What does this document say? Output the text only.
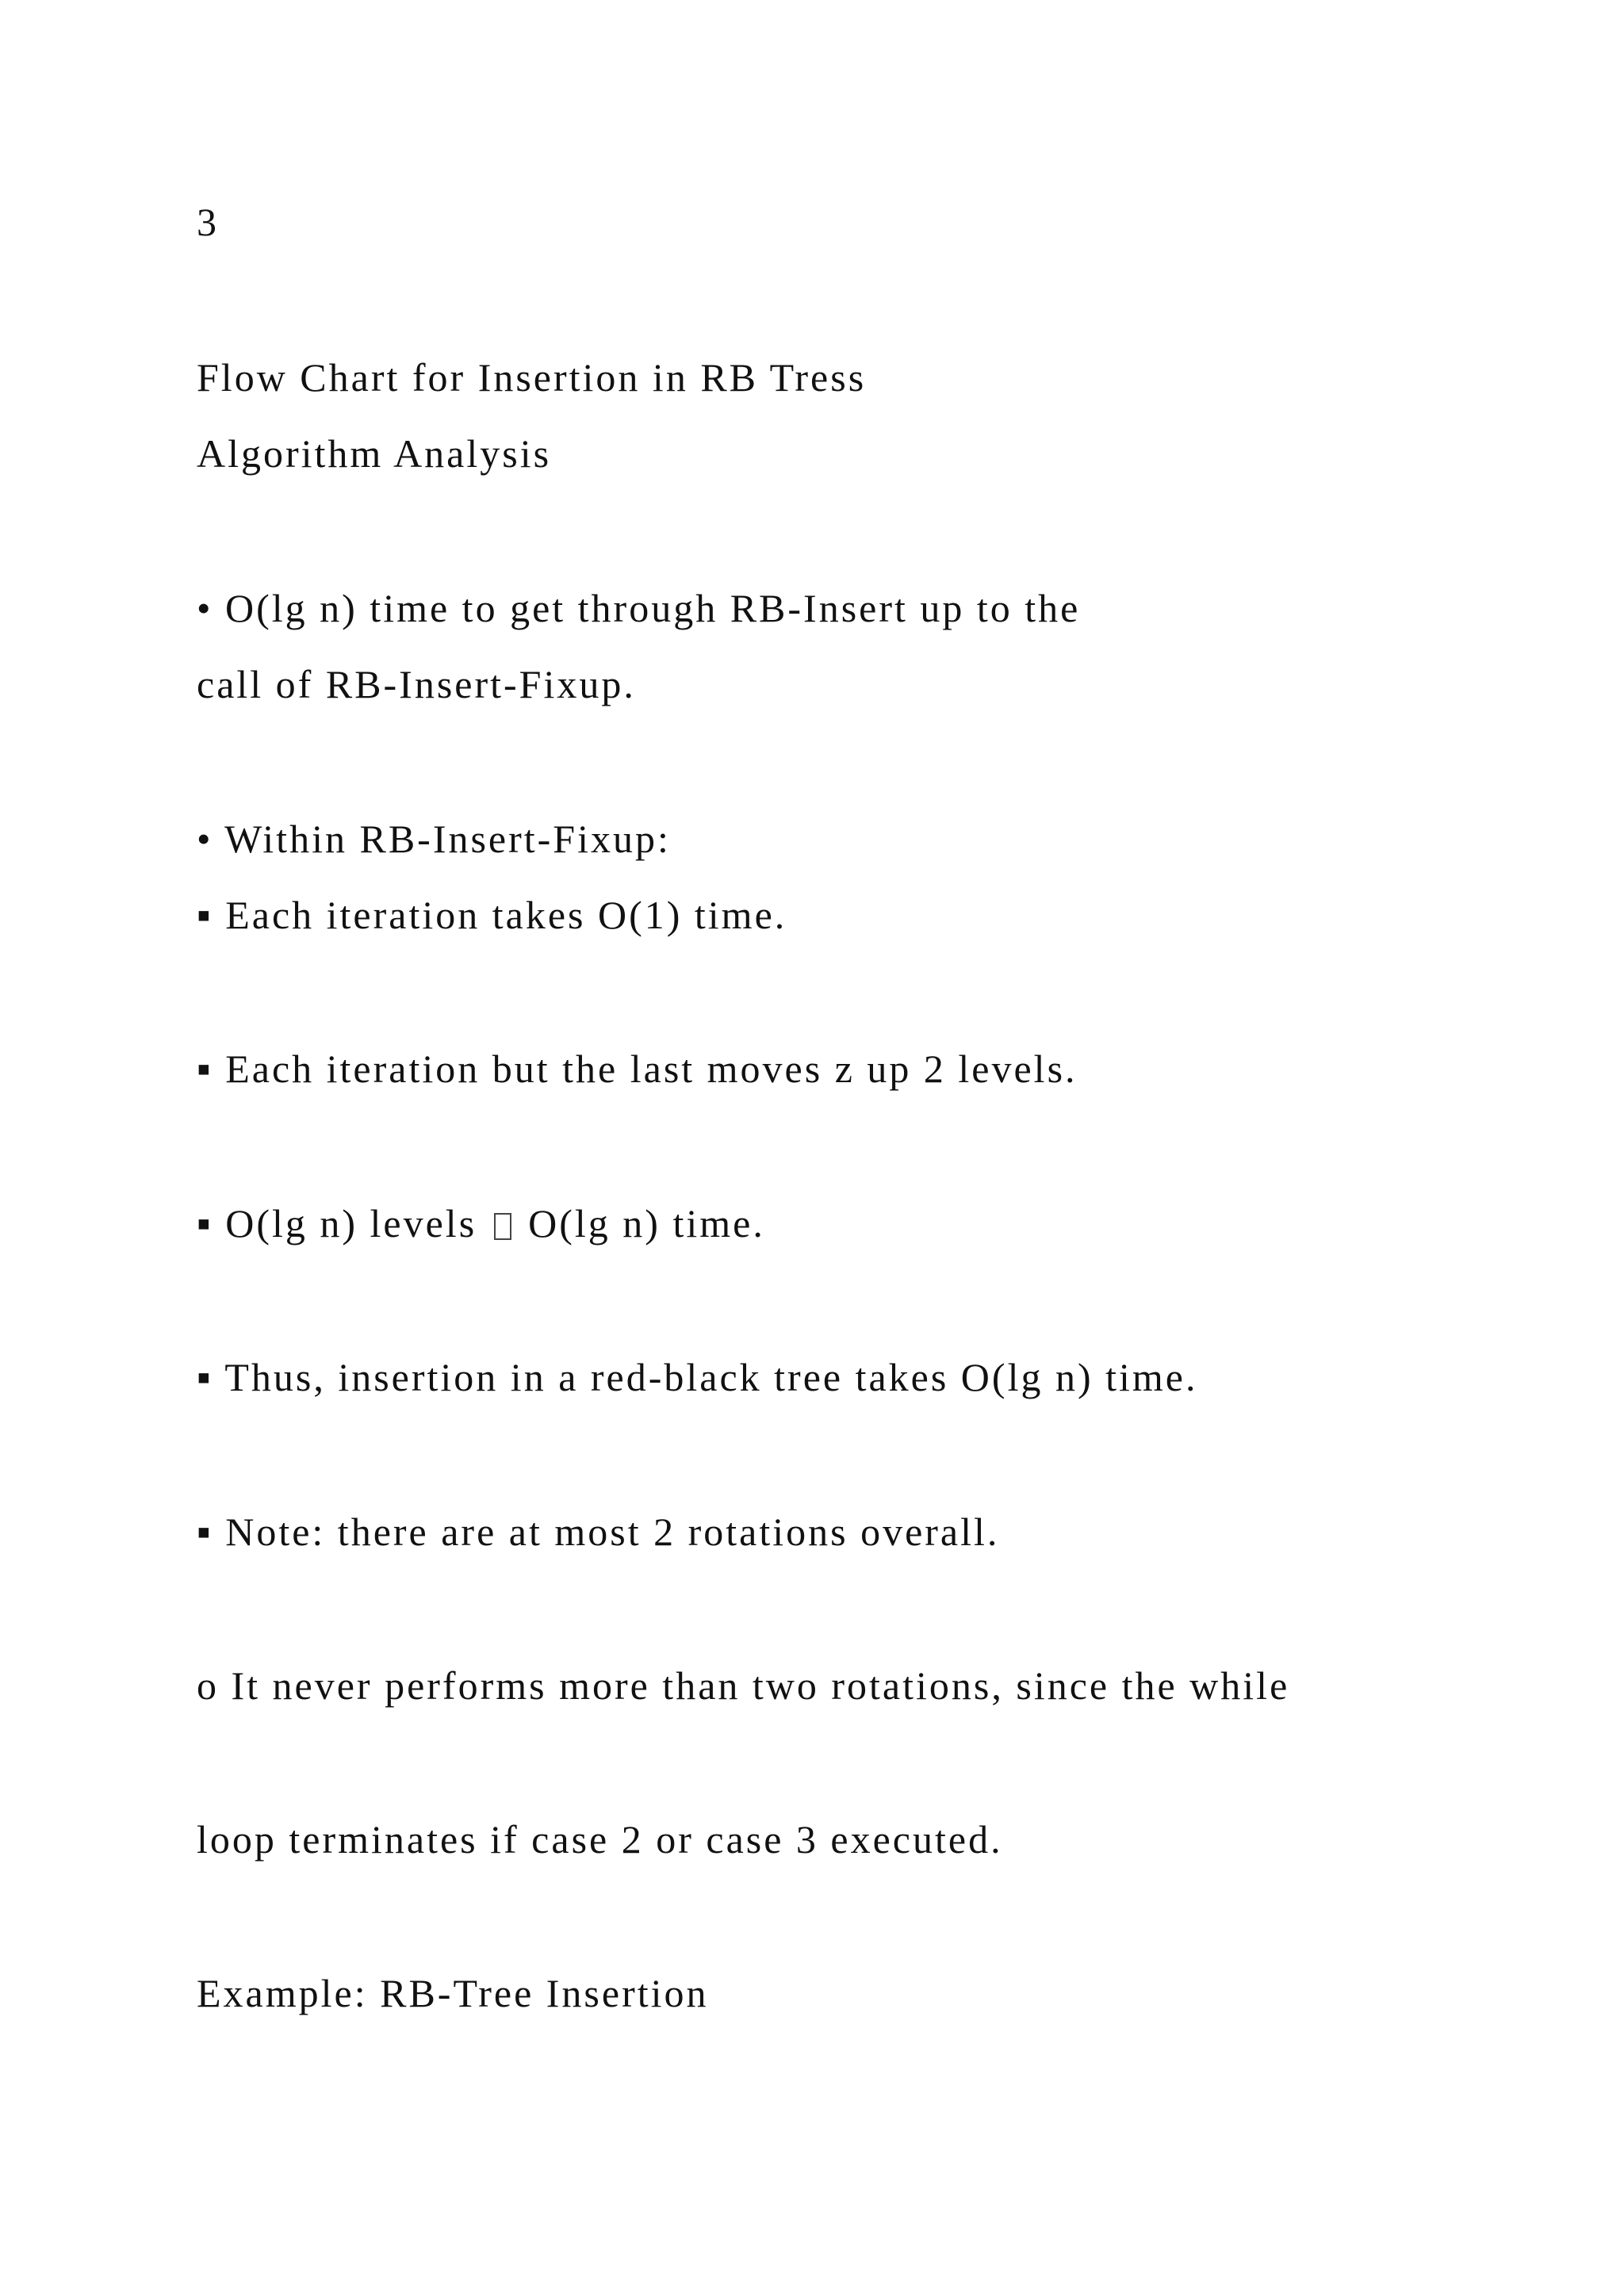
3
Flow Chart for Insertion in RB Tress
Algorithm Analysis
• O(lg n) time to get through RB-Insert up to the
call of RB-Insert-Fixup.
• Within RB-Insert-Fixup:
▪ Each iteration takes O(1) time.
▪ Each iteration but the last moves z up 2 levels.
▪ O(lg n) levels O(lg n) time.
▪ Thus, insertion in a red-black tree takes O(lg n) time.
▪ Note: there are at most 2 rotations overall.
o It never performs more than two rotations, since the while
loop terminates if case 2 or case 3 executed.
Example: RB-Tree Insertion
